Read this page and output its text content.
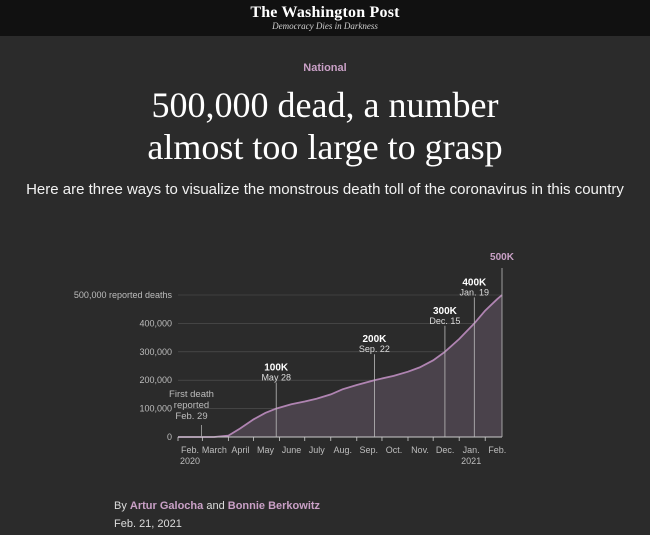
The Washington Post
Democracy Dies in Darkness
National
500,000 dead, a number
almost too large to grasp
Here are three ways to visualize the monstrous death toll of the coronavirus in this country
500,000 reported deaths
400,000
300,000
200,000
100,000
0
Feb.
2020
March April May June July Aug. Sep. Oct. Nov. Dec. Jan.
2021
Feb.
First death
reported
Feb. 29
100K
May 28
200K
Sep. 22
300K
Dec. 15
400K
Jan. 19
500K
By Artur Galocha and Bonnie Berkowitz
Feb. 21, 2021
